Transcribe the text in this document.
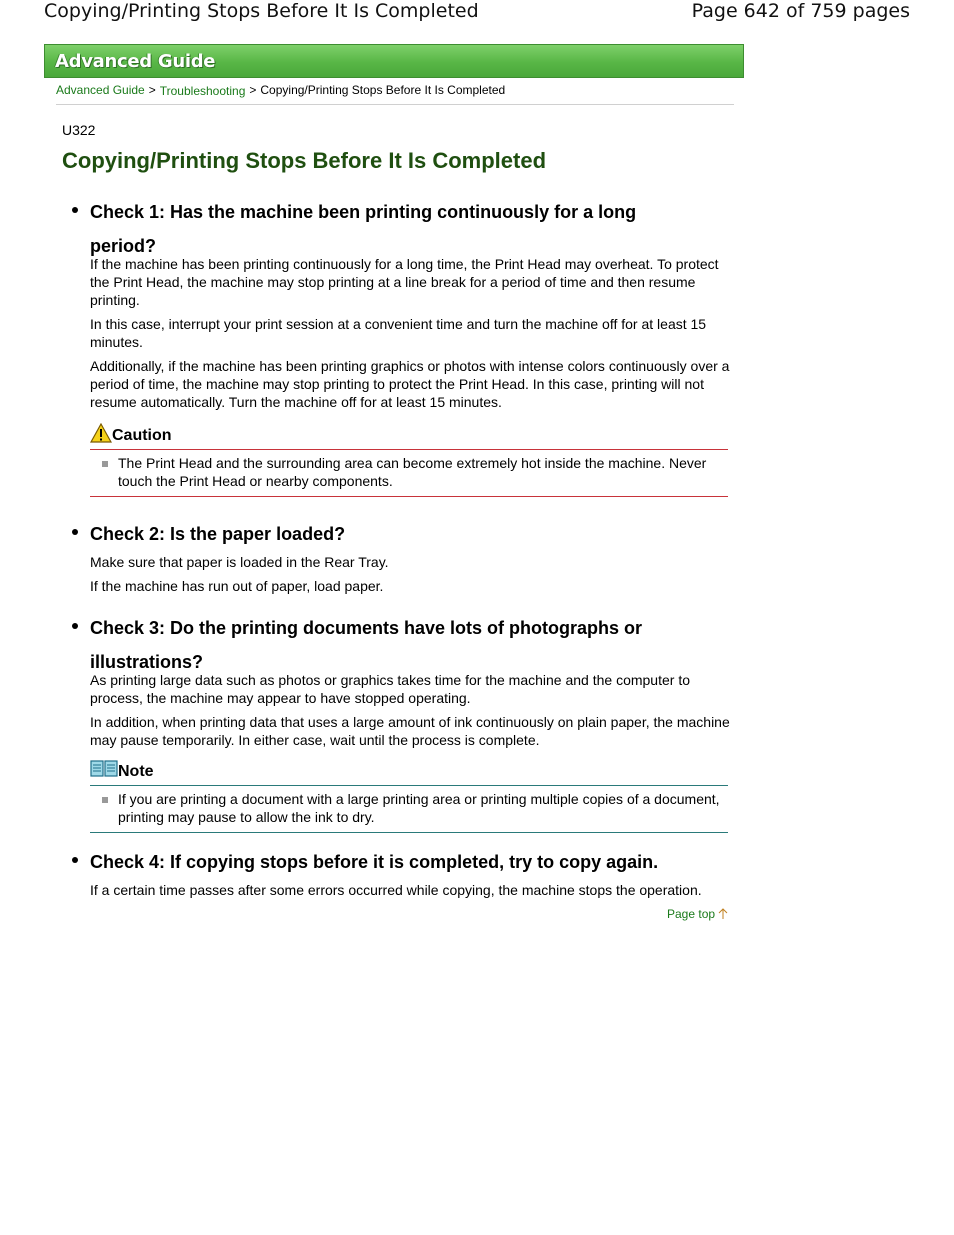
Copying/Printing Stops Before It Is Completed	Page 642 of 759 pages
Advanced Guide
Advanced Guide > Troubleshooting > Copying/Printing Stops Before It Is Completed
U322
Copying/Printing Stops Before It Is Completed
Check 1: Has the machine been printing continuously for a long
period?

If the machine has been printing continuously for a long time, the Print Head may overheat. To protect the Print Head, the machine may stop printing at a line break for a period of time and then resume printing.

In this case, interrupt your print session at a convenient time and turn the machine off for at least 15 minutes.

Additionally, if the machine has been printing graphics or photos with intense colors continuously over a period of time, the machine may stop printing to protect the Print Head. In this case, printing will not resume automatically. Turn the machine off for at least 15 minutes.

Caution
The Print Head and the surrounding area can become extremely hot inside the machine. Never touch the Print Head or nearby components.
Check 2: Is the paper loaded?

Make sure that paper is loaded in the Rear Tray.

If the machine has run out of paper, load paper.

Check 3: Do the printing documents have lots of photographs or
illustrations?

As printing large data such as photos or graphics takes time for the machine and the computer to process, the machine may appear to have stopped operating.

In addition, when printing data that uses a large amount of ink continuously on plain paper, the machine may pause temporarily. In either case, wait until the process is complete.

Note
If you are printing a document with a large printing area or printing multiple copies of a document, printing may pause to allow the ink to dry.
Check 4: If copying stops before it is completed, try to copy again.

If a certain time passes after some errors occurred while copying, the machine stops the operation.

Page top
